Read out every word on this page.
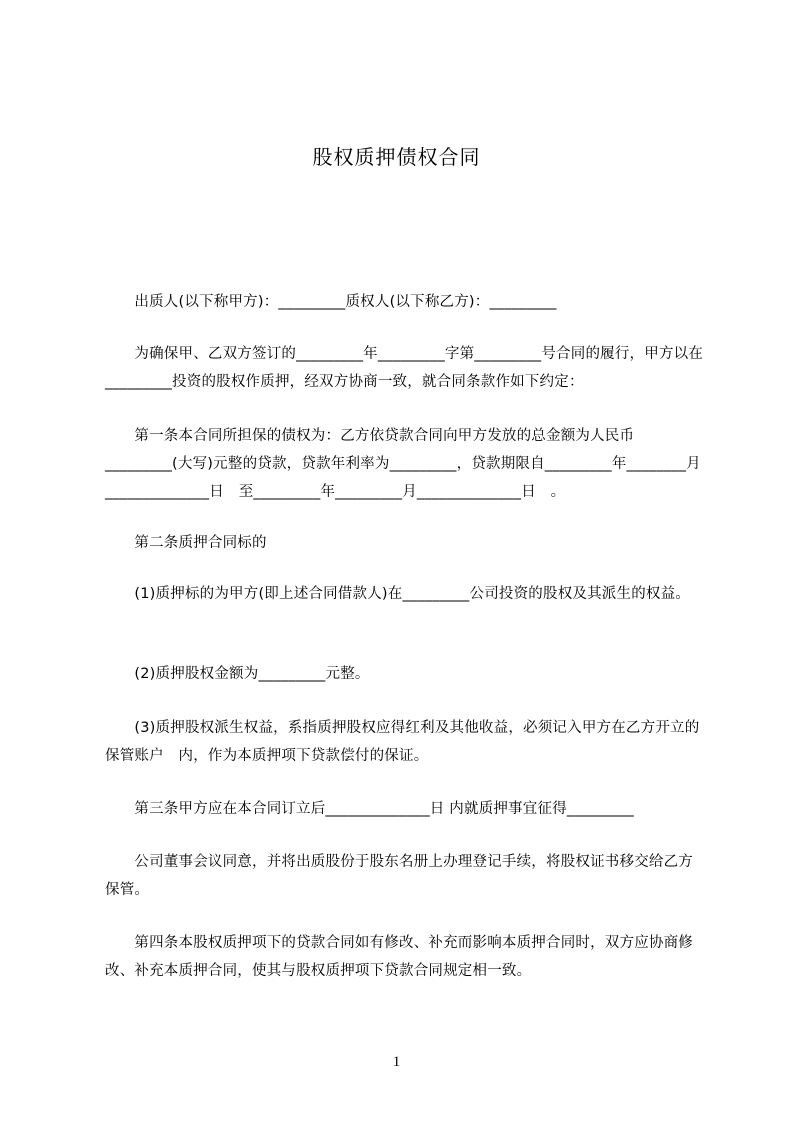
股权质押债权合同

　　出质人(以下称甲方)：_________质权人(以下称乙方)：_________

　　为确保甲、乙双方签订的_________年_________字第_________号合同的履行，甲方以在_________投资的股权作质押，经双方协商一致，就合同条款作如下约定：

　　第一条本合同所担保的债权为：乙方依贷款合同向甲方发放的总金额为人民币_________(大写)元整的贷款，贷款年利率为_________，贷款期限自_________年________月______________日　至_________年_________月______________日　。

　　第二条质押合同标的

　　(1)质押标的为甲方(即上述合同借款人)在_________公司投资的股权及其派生的权益。

　　(2)质押股权金额为_________元整。

　　(3)质押股权派生权益，系指质押股权应得红利及其他收益，必须记入甲方在乙方开立的保管账户　内，作为本质押项下贷款偿付的保证。

　　第三条甲方应在本合同订立后______________日 内就质押事宜征得_________

　　公司董事会议同意，并将出质股份于股东名册上办理登记手续，将股权证书移交给乙方保管。

　　第四条本股权质押项下的贷款合同如有修改、补充而影响本质押合同时，双方应协商修改、补充本质押合同，使其与股权质押项下贷款合同规定相一致。

1
